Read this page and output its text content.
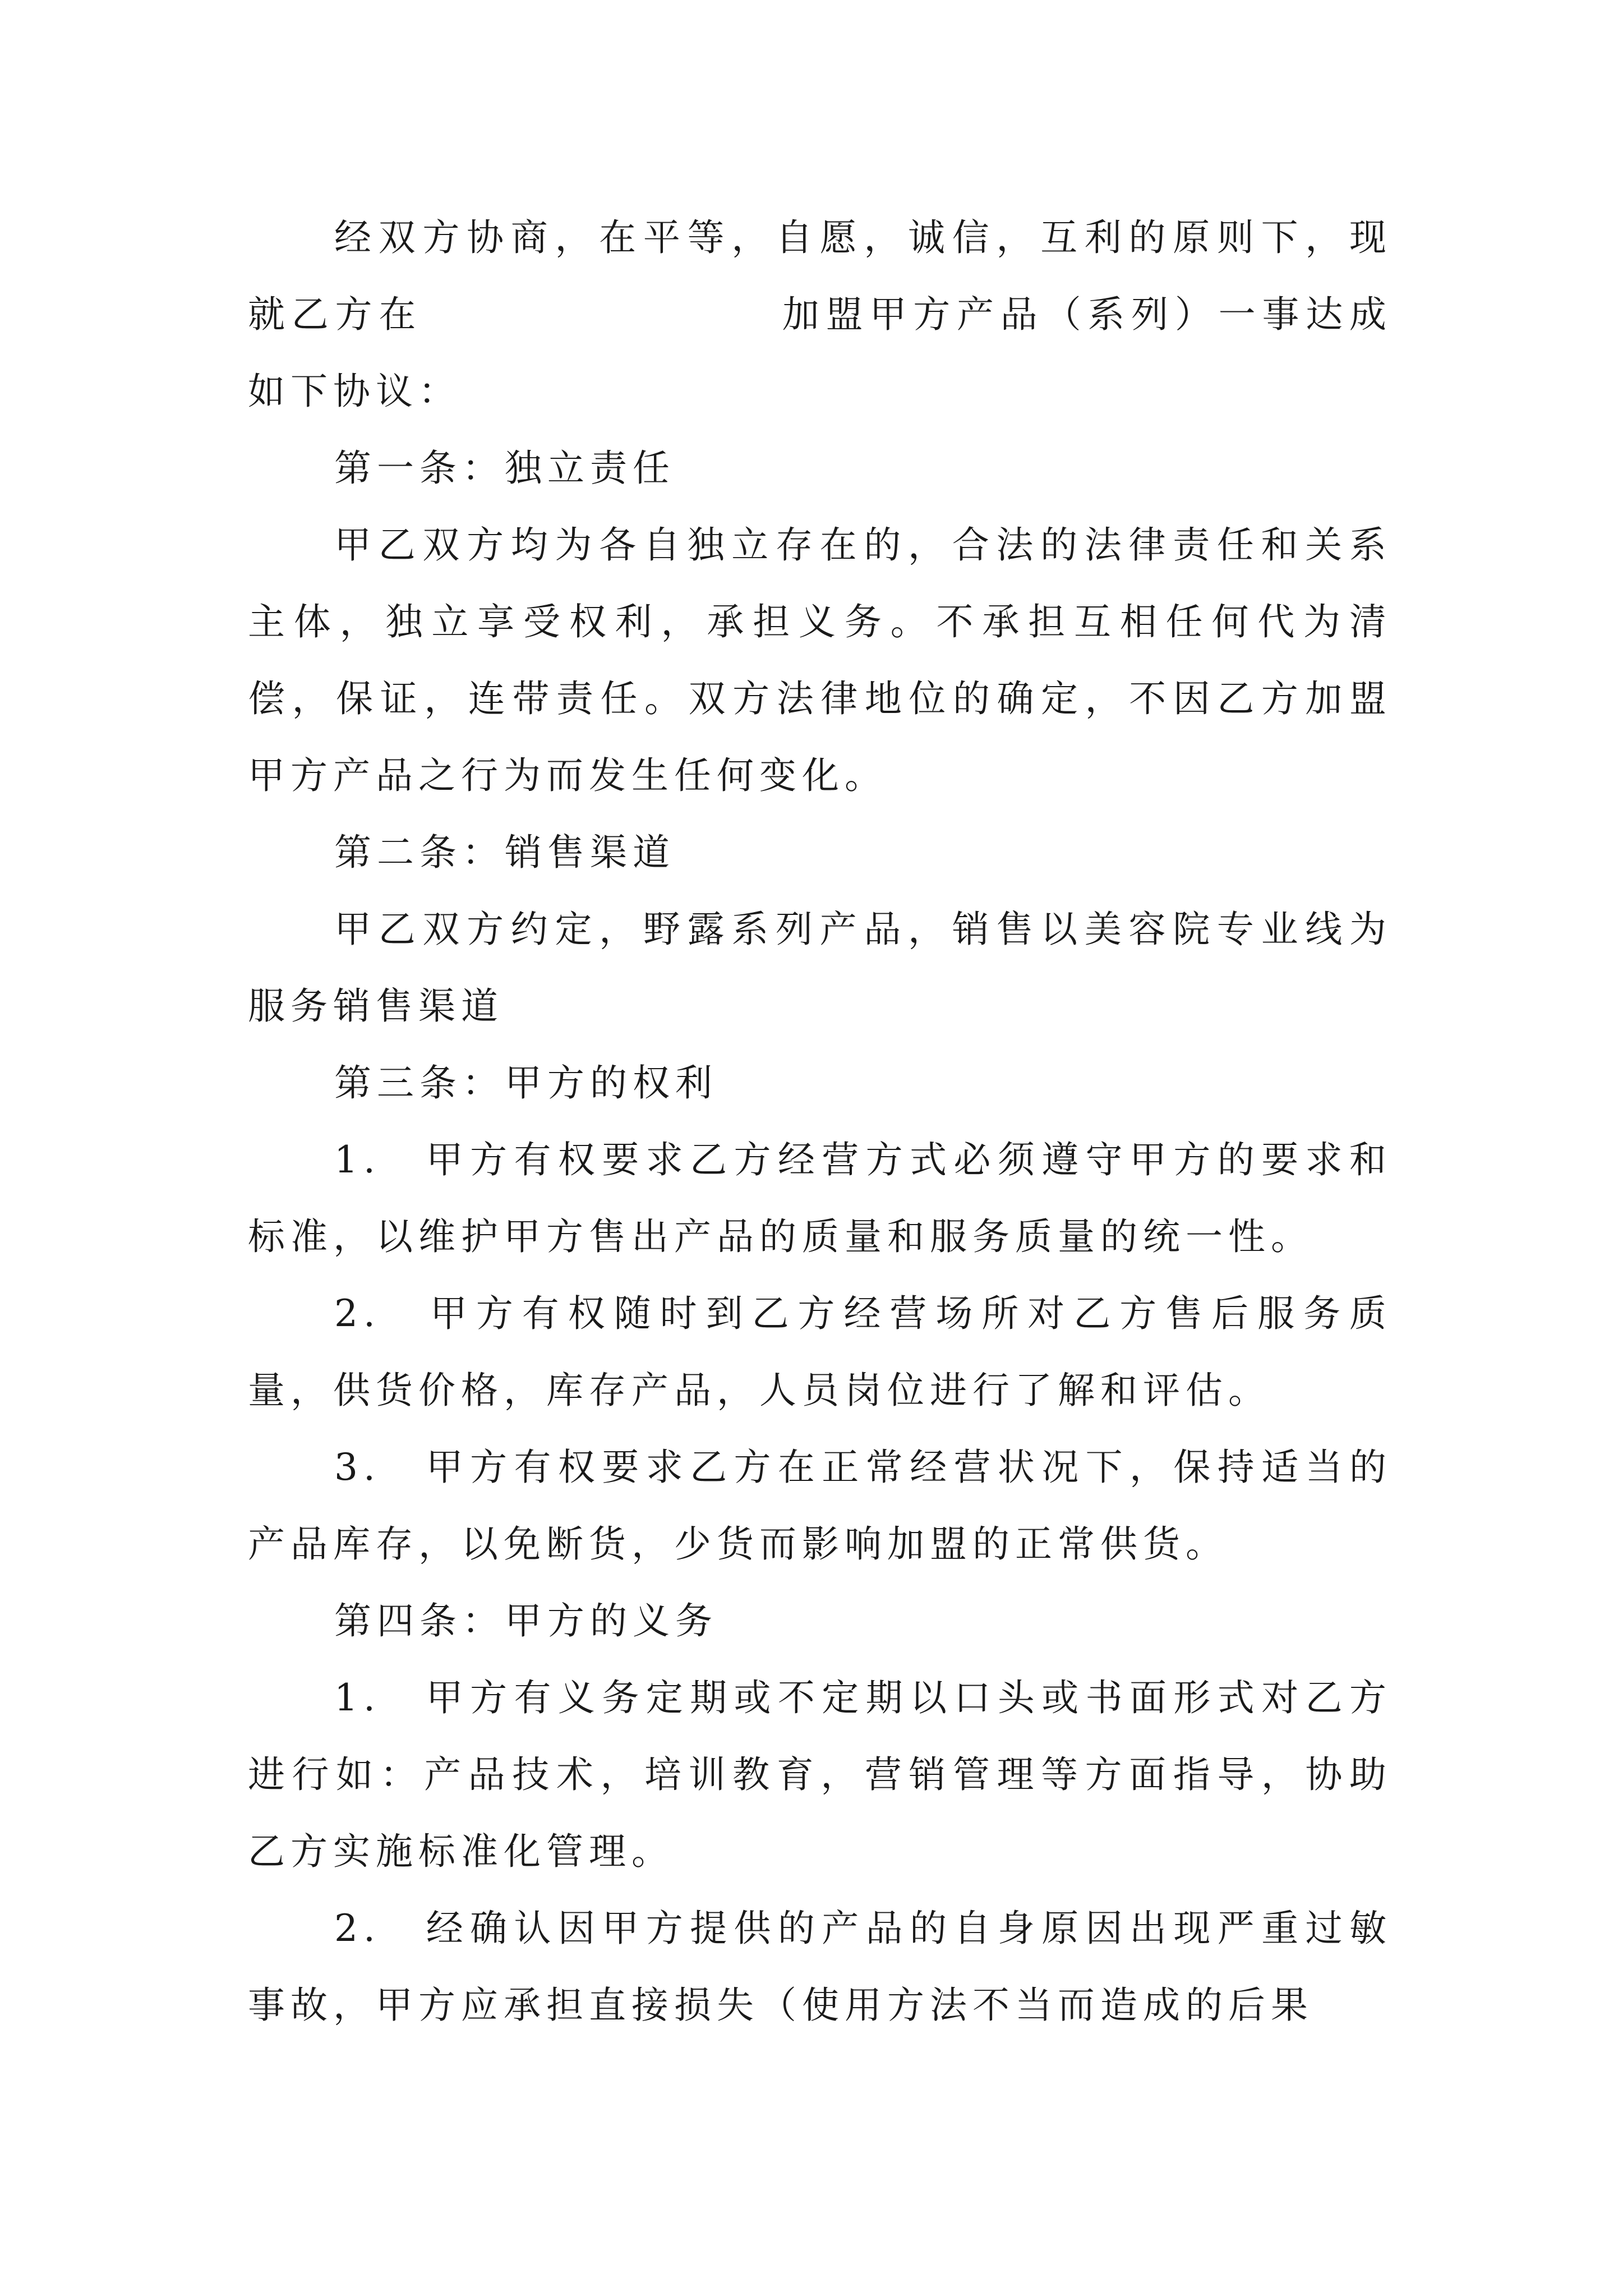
经双方协商，在平等，自愿，诚信，互利的原则下，现就乙方在	加盟甲方产品（系列）一事达成如下协议：

第一条：独立责任

甲乙双方均为各自独立存在的，合法的法律责任和关系主体，独立享受权利，承担义务。不承担互相任何代为清偿，保证，连带责任。双方法律地位的确定，不因乙方加盟甲方产品之行为而发生任何变化。

第二条：销售渠道

甲乙双方约定，野露系列产品，销售以美容院专业线为服务销售渠道

第三条：甲方的权利

1.　甲方有权要求乙方经营方式必须遵守甲方的要求和标准，以维护甲方售出产品的质量和服务质量的统一性。

2.　甲方有权随时到乙方经营场所对乙方售后服务质量，供货价格，库存产品，人员岗位进行了解和评估。

3.　甲方有权要求乙方在正常经营状况下，保持适当的产品库存，以免断货，少货而影响加盟的正常供货。

第四条：甲方的义务

1.　甲方有义务定期或不定期以口头或书面形式对乙方进行如：产品技术，培训教育，营销管理等方面指导，协助乙方实施标准化管理。

2.　经确认因甲方提供的产品的自身原因出现严重过敏事故，甲方应承担直接损失（使用方法不当而造成的后果
